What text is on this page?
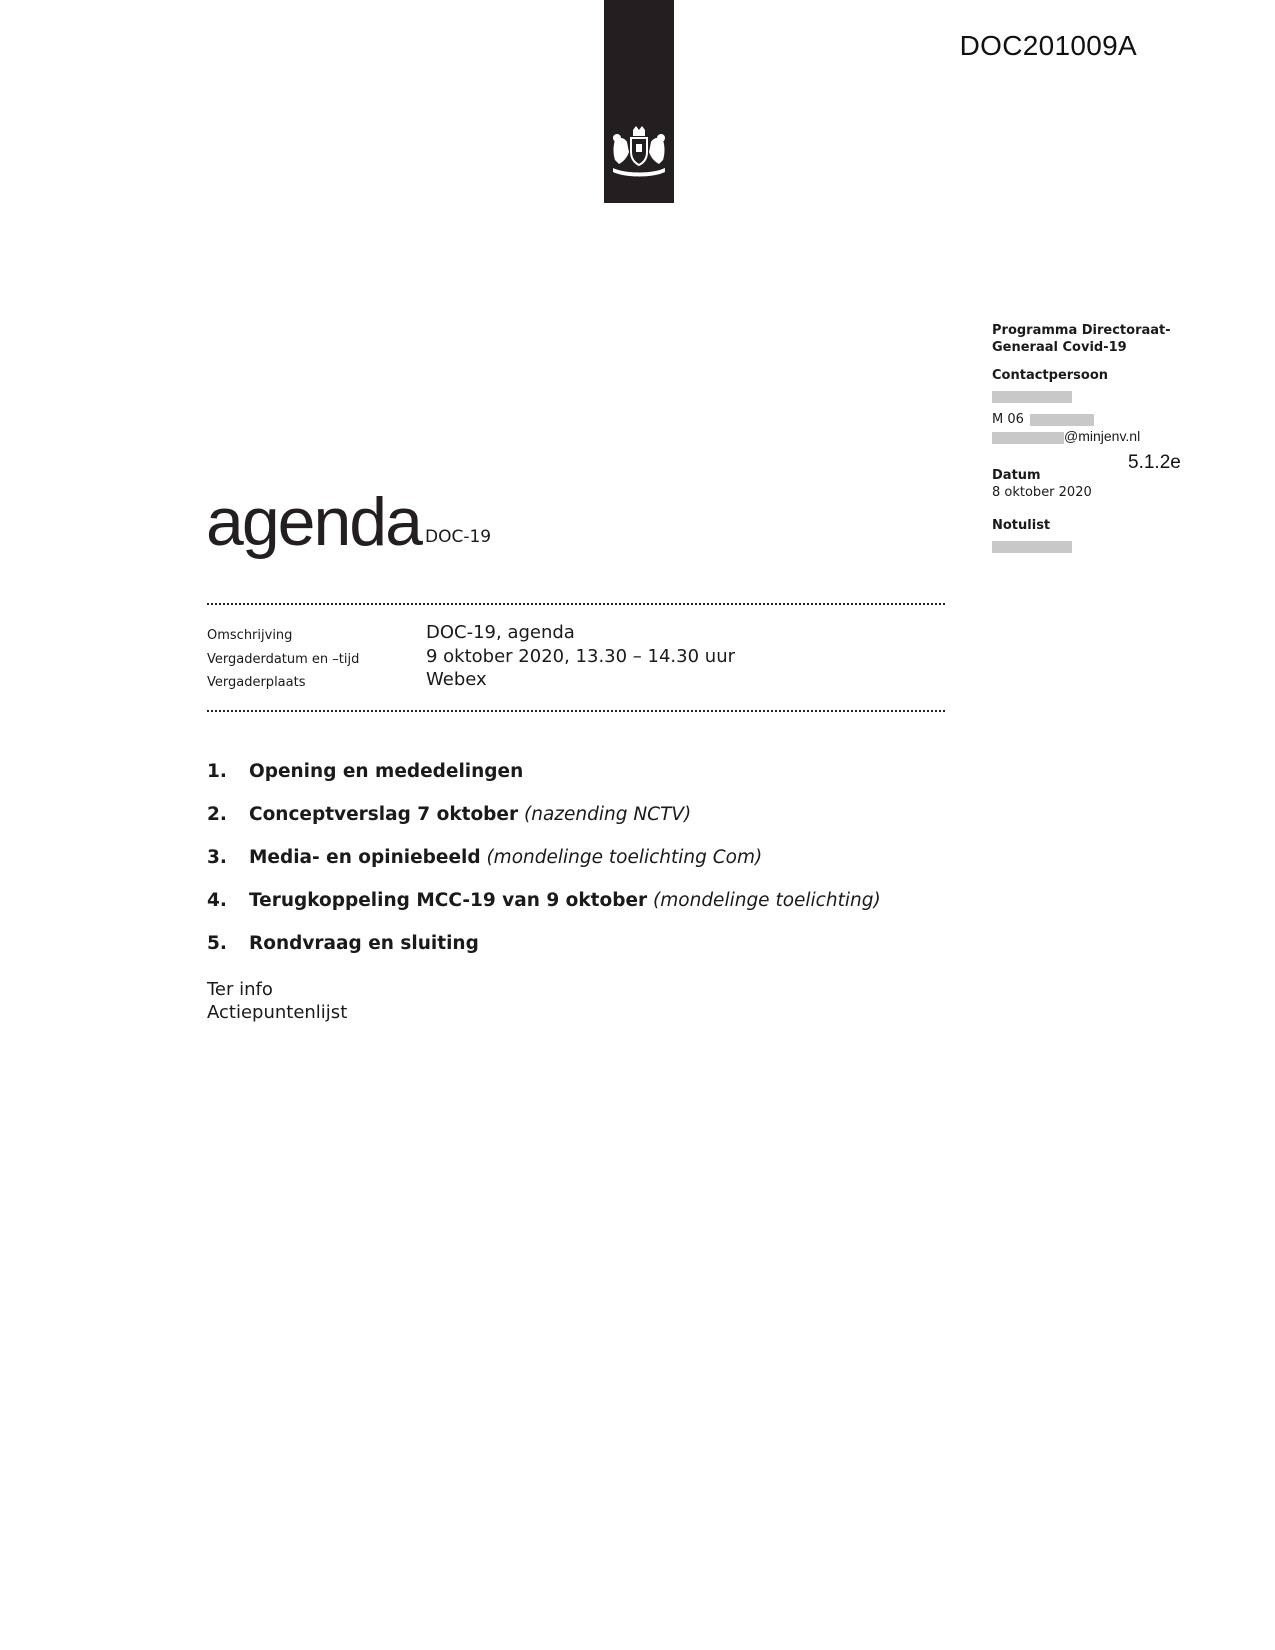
DOC201009A
Programma Directoraat-
Generaal Covid-19
Contactpersoon
M 06
@minjenv.nl
Datum
8 oktober 2020
Notulist
5.1.2e
agenda DOC-19
Omschrijving	DOC-19, agenda
Vergaderdatum en –tijd	9 oktober 2020, 13.30 – 14.30 uur
Vergaderplaats	Webex
1. Opening en mededelingen
2. Conceptverslag 7 oktober (nazending NCTV)
3. Media- en opiniebeeld (mondelinge toelichting Com)
4. Terugkoppeling MCC-19 van 9 oktober (mondelinge toelichting)
5. Rondvraag en sluiting
Ter info
Actiepuntenlijst
